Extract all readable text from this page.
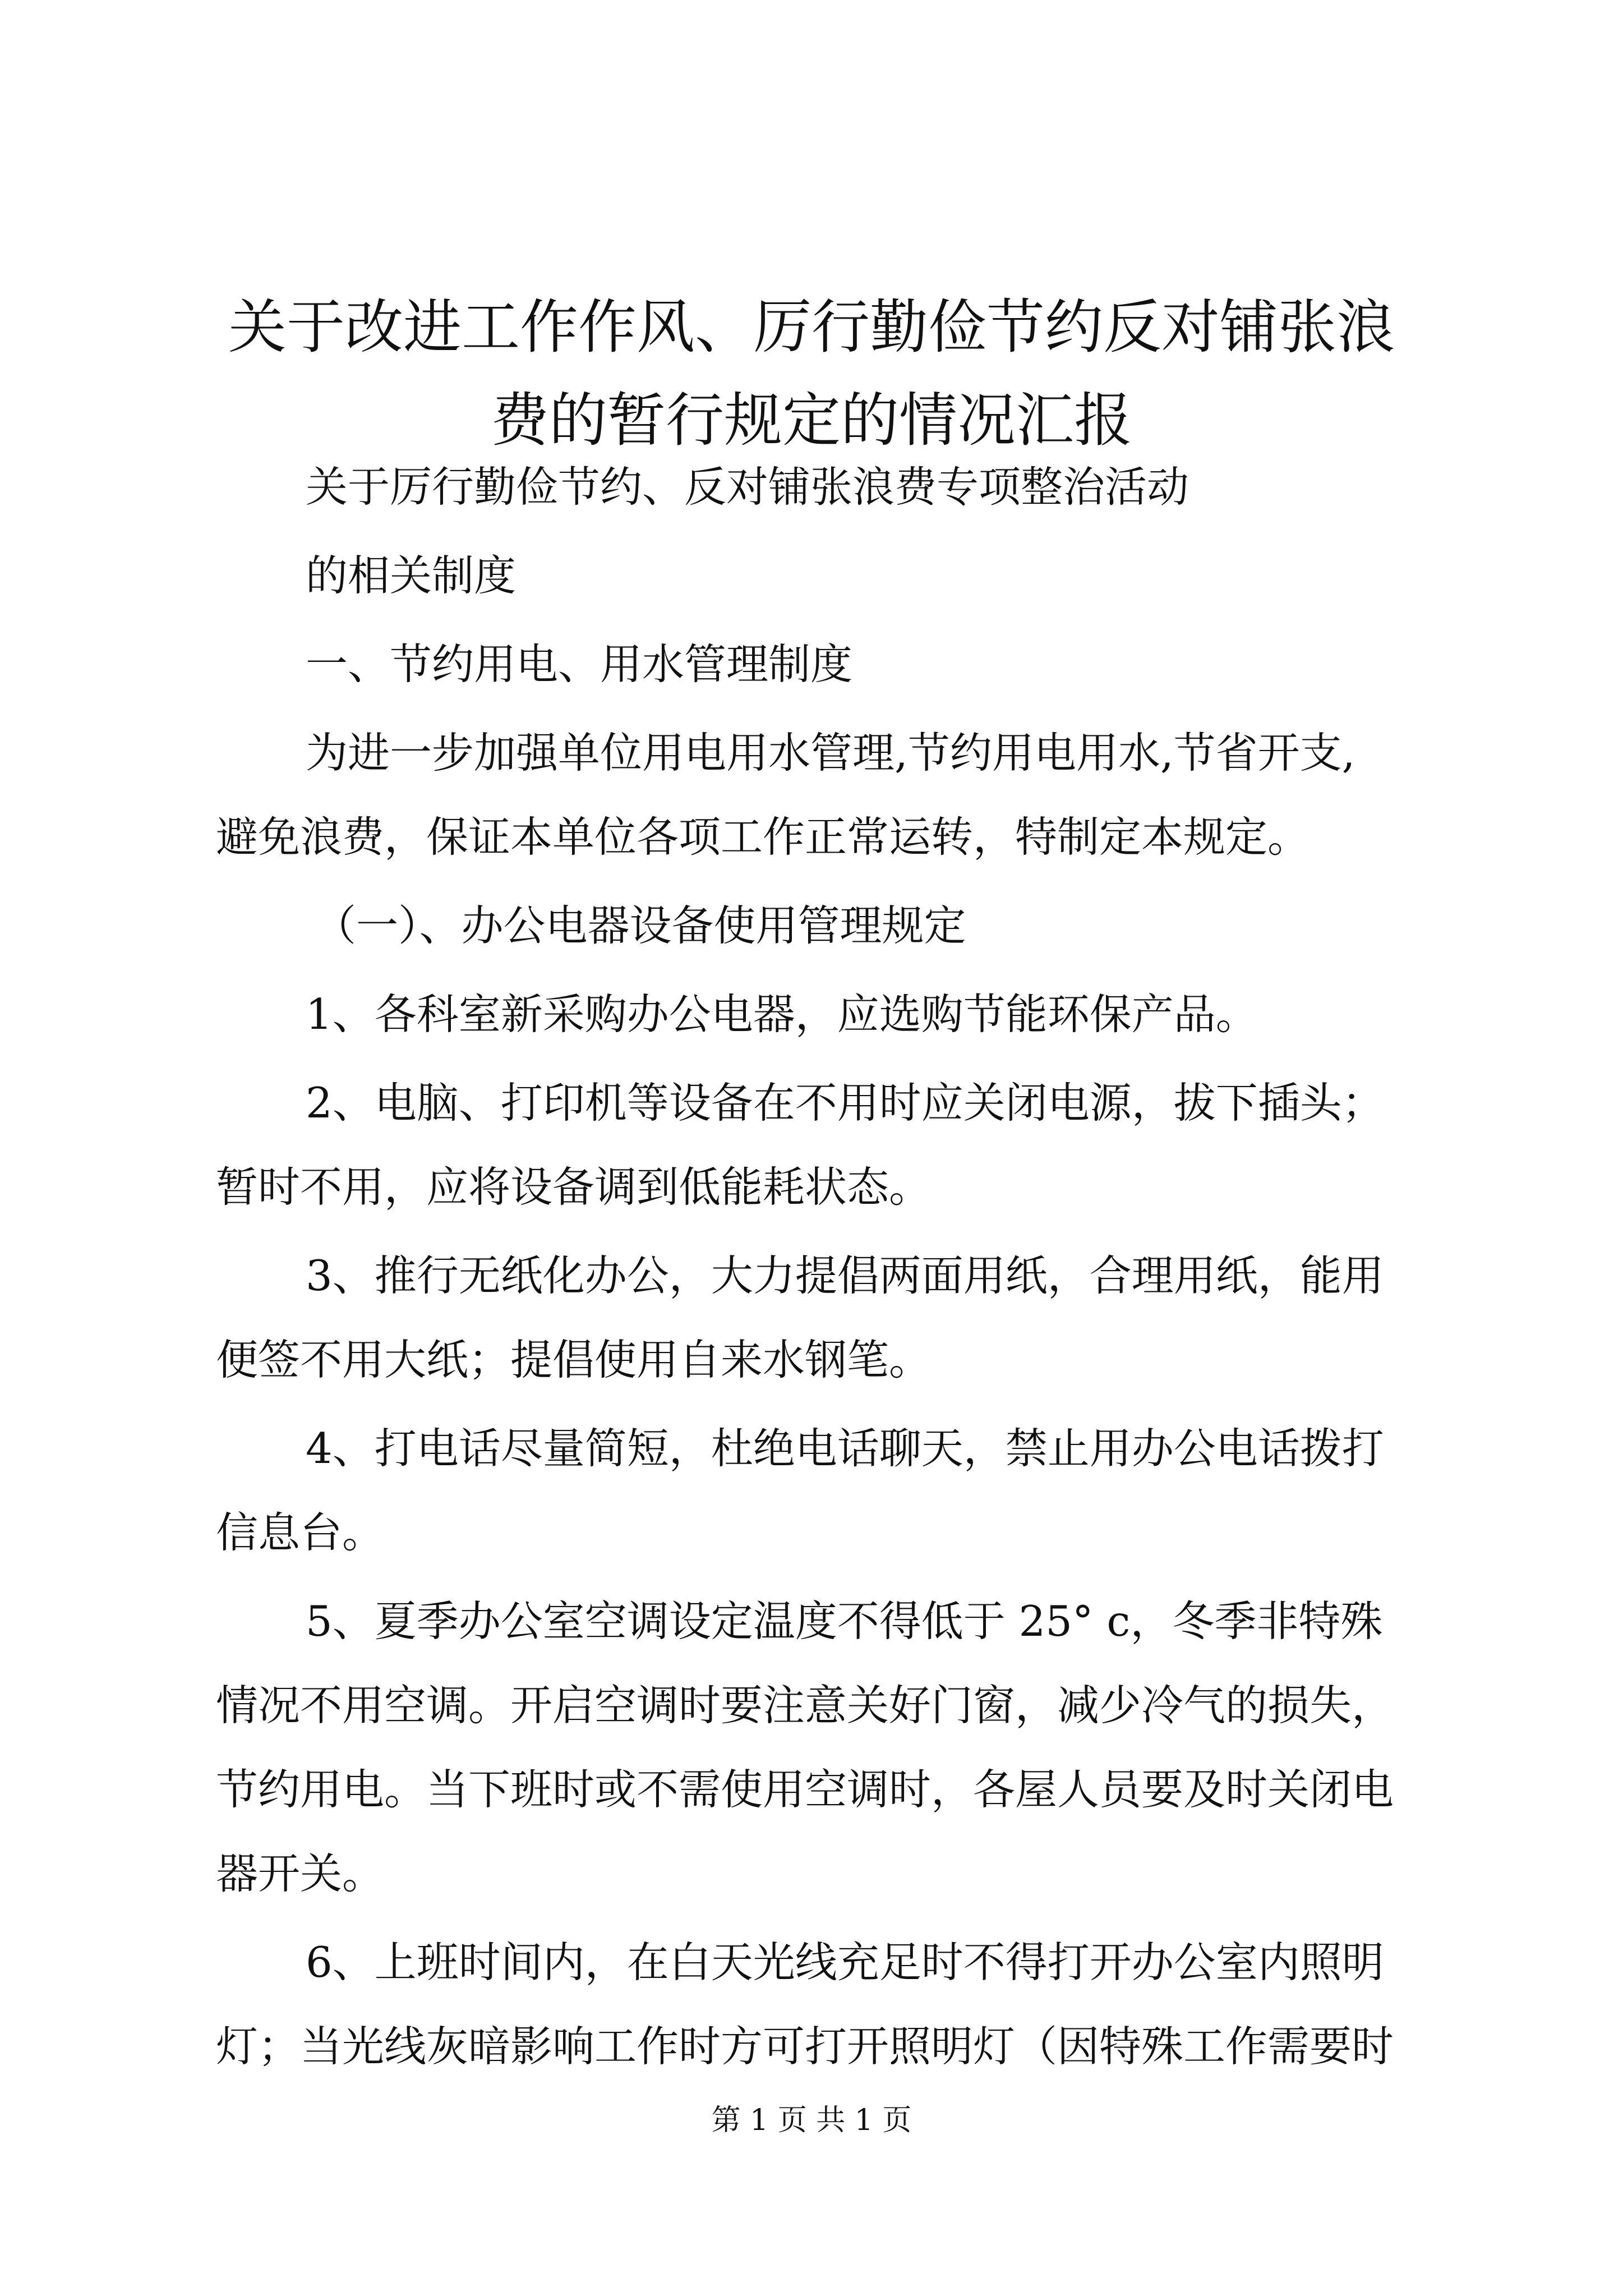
关于改进工作作风、厉行勤俭节约反对铺张浪
费的暂行规定的情况汇报
关于厉行勤俭节约、反对铺张浪费专项整治活动
的相关制度
一、节约用电、用水管理制度
为进一步加强单位用电用水管理,节约用电用水,节省开支,
避免浪费，保证本单位各项工作正常运转，特制定本规定。
（一）、办公电器设备使用管理规定
1、各科室新采购办公电器，应选购节能环保产品。
2、电脑、打印机等设备在不用时应关闭电源，拔下插头；
暂时不用，应将设备调到低能耗状态。
3、推行无纸化办公，大力提倡两面用纸，合理用纸，能用
便签不用大纸；提倡使用自来水钢笔。
4、打电话尽量简短，杜绝电话聊天，禁止用办公电话拨打
信息台。
5、夏季办公室空调设定温度不得低于 25° c，冬季非特殊
情况不用空调。开启空调时要注意关好门窗，减少冷气的损失，
节约用电。当下班时或不需使用空调时，各屋人员要及时关闭电
器开关。
6、上班时间内，在白天光线充足时不得打开办公室内照明
灯；当光线灰暗影响工作时方可打开照明灯（因特殊工作需要时
第 1 页 共 1 页
